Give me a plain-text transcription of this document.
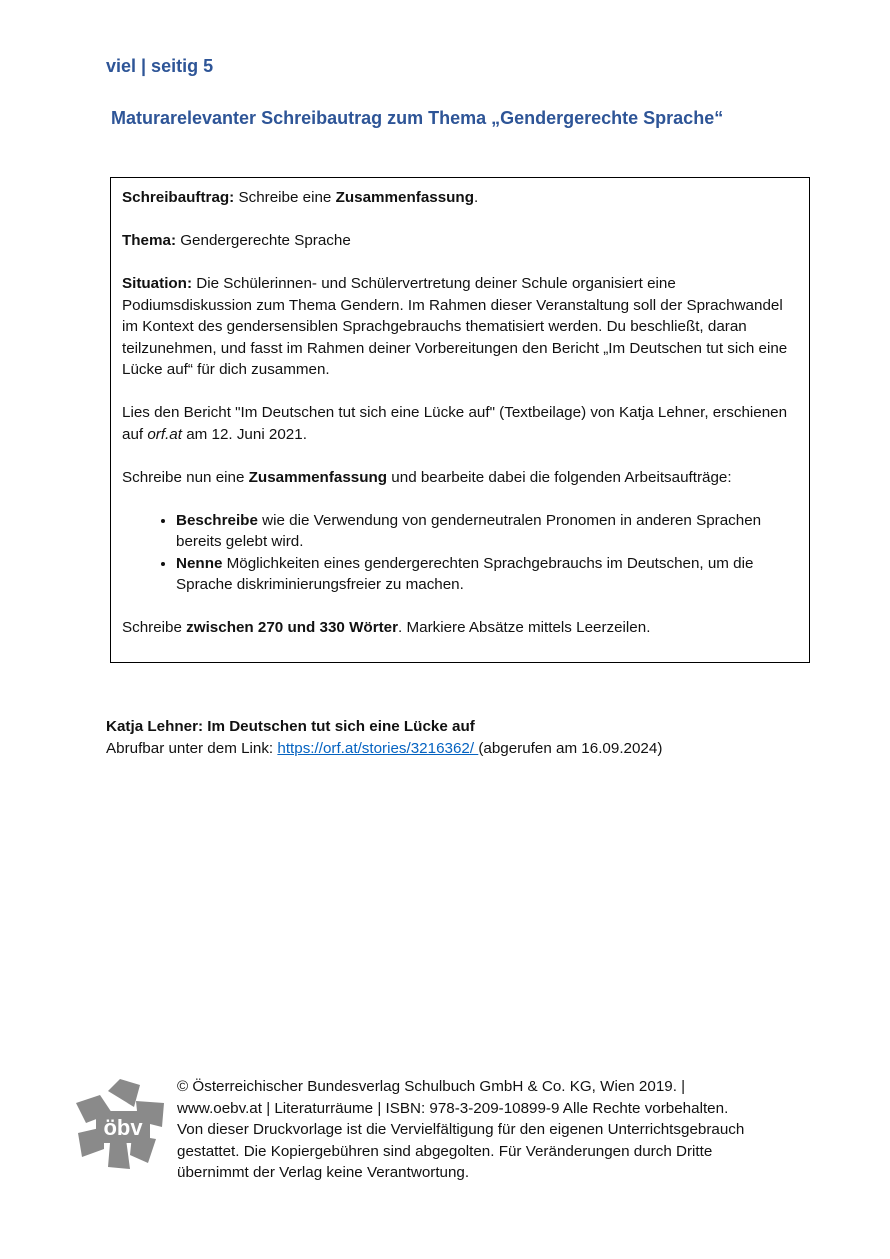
viel | seitig 5
Maturarelevanter Schreibautrag zum Thema „Gendergerechte Sprache“

Schreibauftrag: Schreibe eine Zusammenfassung.

Thema: Gendergerechte Sprache

Situation: Die Schülerinnen- und Schülervertretung deiner Schule organisiert eine Podiumsdiskussion zum Thema Gendern. Im Rahmen dieser Veranstaltung soll der Sprachwandel im Kontext des gendersensiblen Sprachgebrauchs thematisiert werden. Du beschließt, daran teilzunehmen, und fasst im Rahmen deiner Vorbereitungen den Bericht „Im Deutschen tut sich eine Lücke auf“ für dich zusammen.

Lies den Bericht "Im Deutschen tut sich eine Lücke auf" (Textbeilage) von Katja Lehner, erschienen auf orf.at am 12. Juni 2021.

Schreibe nun eine Zusammenfassung und bearbeite dabei die folgenden Arbeitsaufträge:

• Beschreibe wie die Verwendung von genderneutralen Pronomen in anderen Sprachen bereits gelebt wird.
• Nenne Möglichkeiten eines gendergerechten Sprachgebrauchs im Deutschen, um die Sprache diskriminierungsfreier zu machen.

Schreibe zwischen 270 und 330 Wörter. Markiere Absätze mittels Leerzeilen.

Katja Lehner: Im Deutschen tut sich eine Lücke auf
Abrufbar unter dem Link: https://orf.at/stories/3216362/ (abgerufen am 16.09.2024)
öbv
© Österreichischer Bundesverlag Schulbuch GmbH & Co. KG, Wien 2019. | www.oebv.at | Literaturräume | ISBN: 978-3-209-10899-9 Alle Rechte vorbehalten. Von dieser Druckvorlage ist die Vervielfältigung für den eigenen Unterrichtsgebrauch gestattet. Die Kopiergebühren sind abgegolten. Für Veränderungen durch Dritte übernimmt der Verlag keine Verantwortung.
